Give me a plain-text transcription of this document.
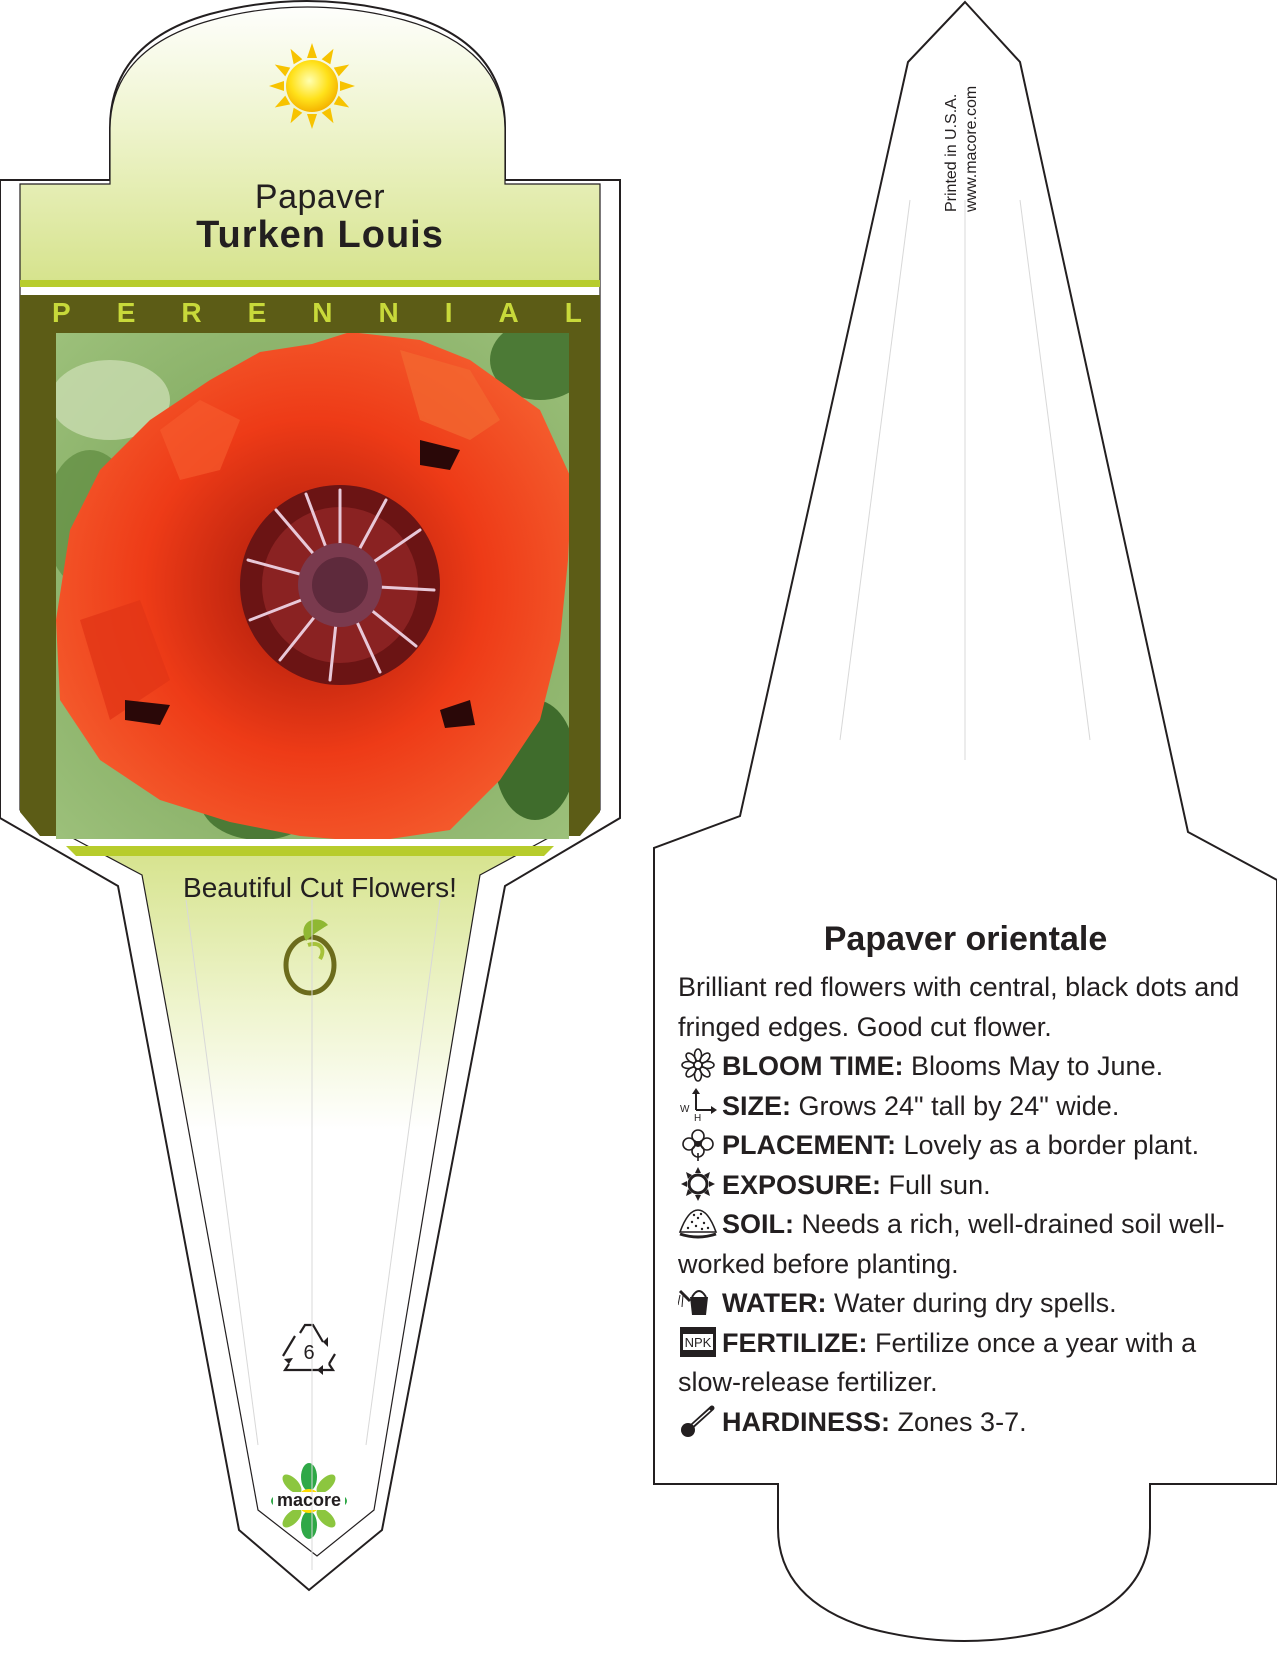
Papaver
Turken Louis
P E R E N N I A L
Beautiful Cut Flowers!
6
macore
Printed in U.S.A. www.macore.com
Papaver orientale

Brilliant red flowers with central, black dots and fringed edges. Good cut flower.

BLOOM TIME: Blooms May to June.

W
H SIZE: Grows 24" tall by 24" wide.

PLACEMENT: Lovely as a border plant.

EXPOSURE: Full sun.

SOIL: Needs a rich, well-drained soil well-worked before planting.

WATER: Water during dry spells.

NPK FERTILIZE: Fertilize once a year with a slow-release fertilizer.

HARDINESS: Zones 3-7.
